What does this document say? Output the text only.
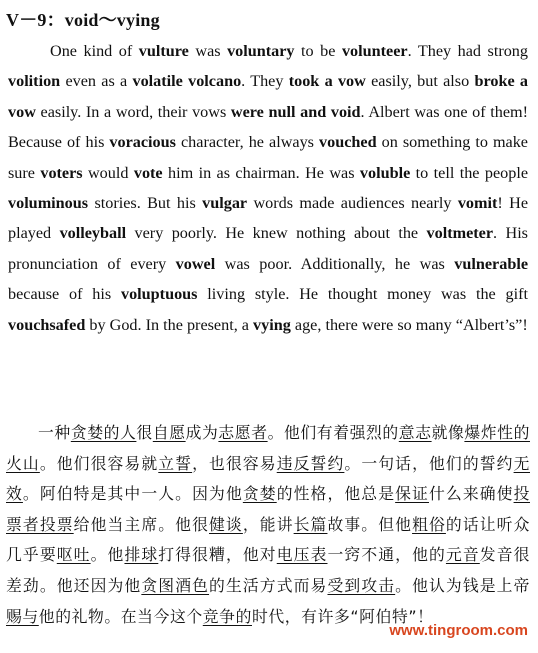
V－9：void～vying
One kind of vulture was voluntary to be volunteer. They had strong volition even as a volatile volcano. They took a vow easily, but also broke a vow easily. In a word, their vows were null and void. Albert was one of them! Because of his voracious character, he always vouched on something to make sure voters would vote him in as chairman. He was voluble to tell the people voluminous stories. But his vulgar words made audiences nearly vomit! He played volleyball very poorly. He knew nothing about the voltmeter. His pronunciation of every vowel was poor. Additionally, he was vulnerable because of his voluptuous living style. He thought money was the gift vouchsafed by God. In the present, a vying age, there were so many “Albert’s”!
一种贪婪的人很自愿成为志愿者。他们有着强烈的意志就像爆炸性的火山。他们很容易就立誓，也很容易违反誓约。一句话，他们的誓约无效。阿伯特是其中一人。因为他贪婪的性格，他总是保证什么来确使投票者投票给他当主席。他很健谈，能讲长篇故事。但他粗俗的话让听众几乎要呕吐。他排球打得很糟，他对电压表一窍不通，他的元音发音很差劲。他还因为他贪图酒色的生活方式而易受到攻击。他认为钱是上帝赐与他的礼物。在当今这个竞争的时代，有许多“阿伯特”！
www.tingroom.com
